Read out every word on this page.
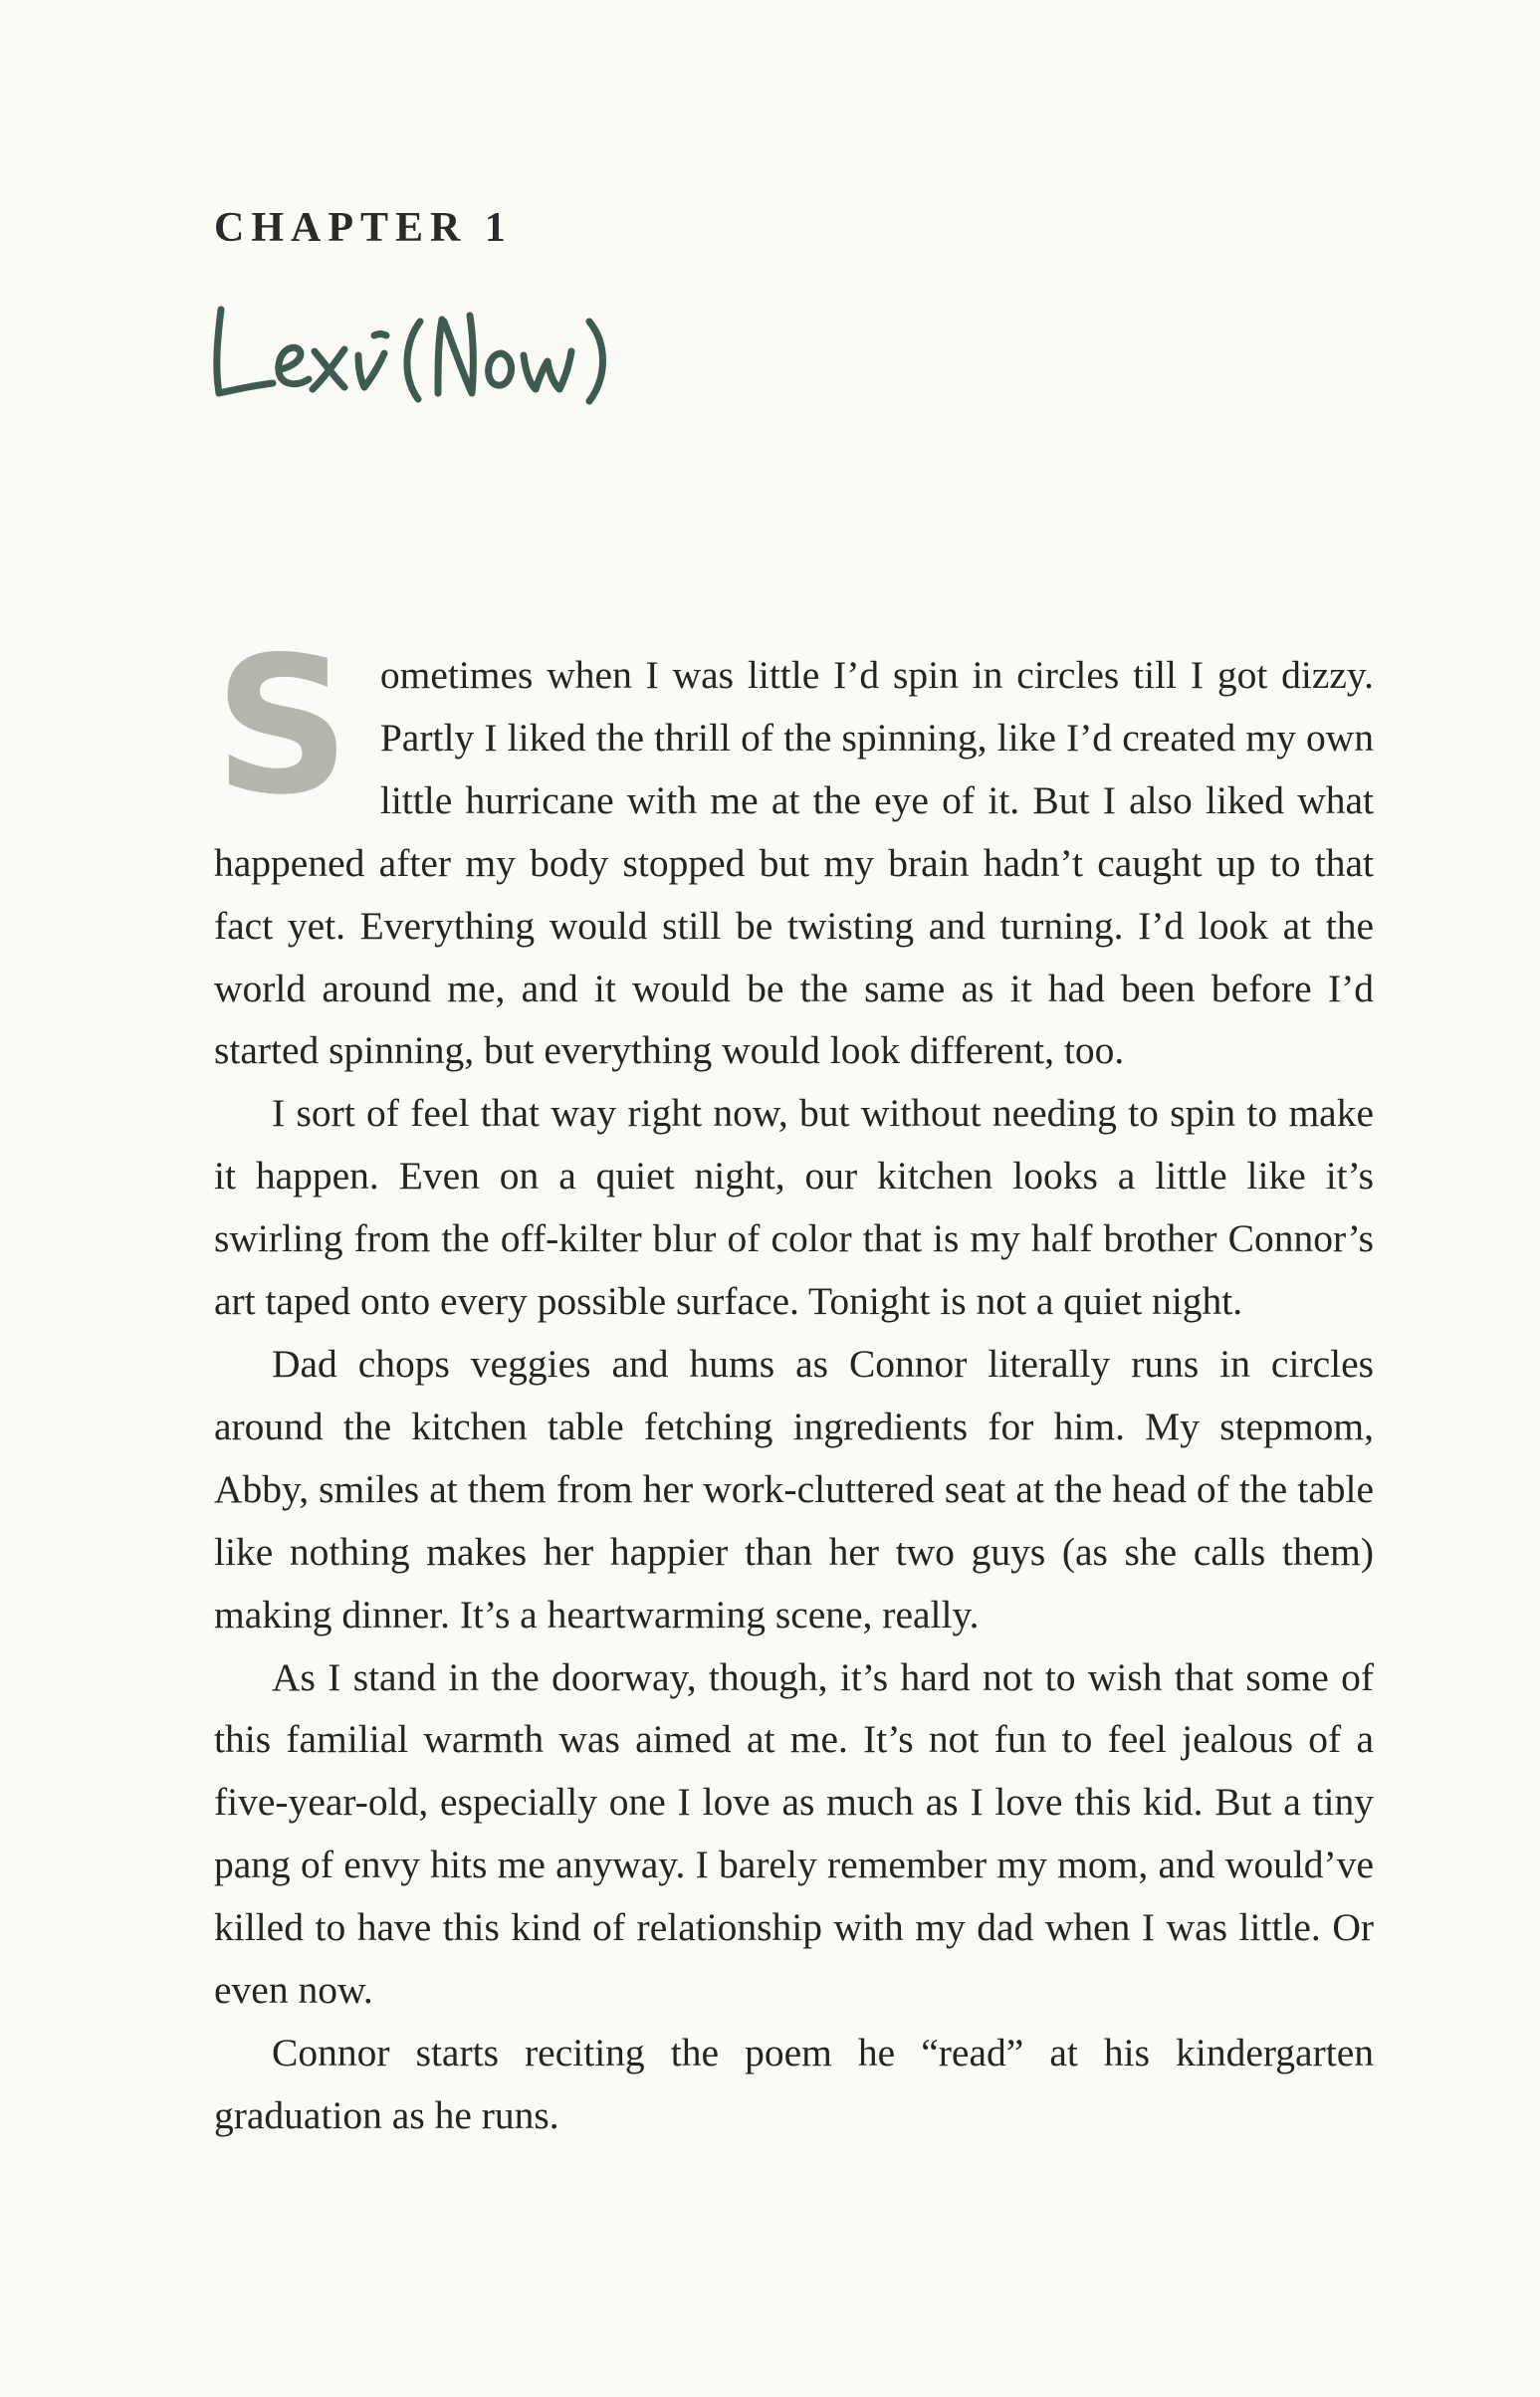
CHAPTER 1

Sometimes when I was little I’d spin in circles till I got dizzy. Partly I liked the thrill of the spinning, like I’d created my own little hurricane with me at the eye of it. But I also liked what happened after my body stopped but my brain hadn’t caught up to that fact yet. Everything would still be twisting and turning. I’d look at the world around me, and it would be the same as it had been before I’d started spinning, but everything would look different, too.

I sort of feel that way right now, but without needing to spin to make it happen. Even on a quiet night, our kitchen looks a little like it’s swirling from the off-kilter blur of color that is my half brother Connor’s art taped onto every possible surface. Tonight is not a quiet night.

Dad chops veggies and hums as Connor literally runs in circles around the kitchen table fetching ingredients for him. My stepmom, Abby, smiles at them from her work-cluttered seat at the head of the table like nothing makes her happier than her two guys (as she calls them) making dinner. It’s a heartwarming scene, really.

As I stand in the doorway, though, it’s hard not to wish that some of this familial warmth was aimed at me. It’s not fun to feel jealous of a five-year-old, especially one I love as much as I love this kid. But a tiny pang of envy hits me anyway. I barely remember my mom, and would’ve killed to have this kind of relationship with my dad when I was little. Or even now.

Connor starts reciting the poem he “read” at his kindergarten graduation as he runs.
